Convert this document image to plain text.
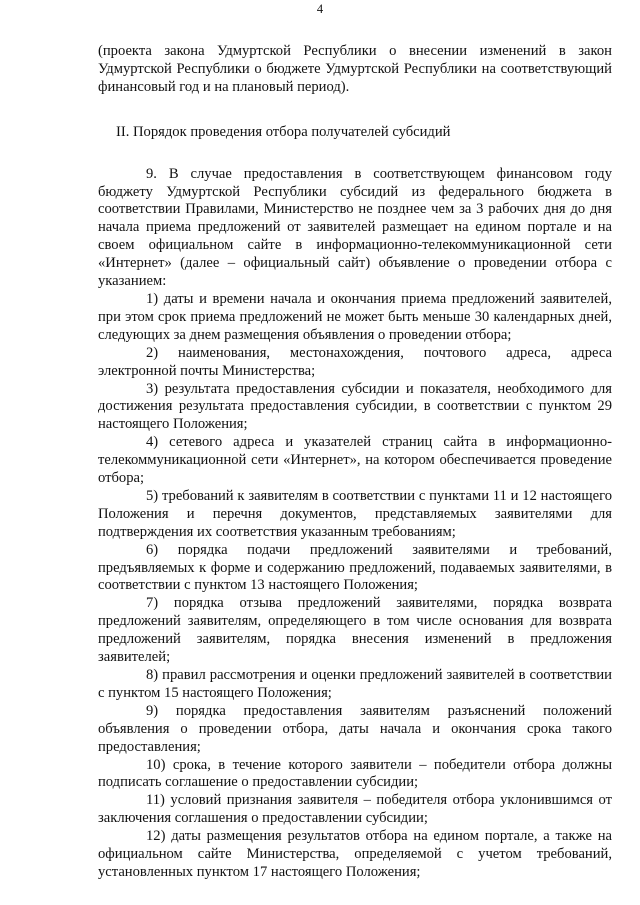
4

(проекта закона Удмуртской Республики о внесении изменений в закон Удмуртской Республики о бюджете Удмуртской Республики на соответствующий финансовый год и на плановый период).

II. Порядок проведения отбора получателей субсидий

9. В случае предоставления в соответствующем финансовом году бюджету Удмуртской Республики субсидий из федерального бюджета в соответствии Правилами, Министерство не позднее чем за 3 рабочих дня до дня начала приема предложений от заявителей размещает на едином портале и на своем официальном сайте в информационно-телекоммуникационной сети «Интернет» (далее – официальный сайт) объявление о проведении отбора с указанием:

1) даты и времени начала и окончания приема предложений заявителей, при этом срок приема предложений не может быть меньше 30 календарных дней, следующих за днем размещения объявления о проведении отбора;

2) наименования, местонахождения, почтового адреса, адреса электронной почты Министерства;

3) результата предоставления субсидии и показателя, необходимого для достижения результата предоставления субсидии, в соответствии с пунктом 29 настоящего Положения;

4) сетевого адреса и указателей страниц сайта в информационно-телекоммуникационной сети «Интернет», на котором обеспечивается проведение отбора;

5) требований к заявителям в соответствии с пунктами 11 и 12 настоящего Положения и перечня документов, представляемых заявителями для подтверждения их соответствия указанным требованиям;

6) порядка подачи предложений заявителями и требований, предъявляемых к форме и содержанию предложений, подаваемых заявителями, в соответствии с пунктом 13 настоящего Положения;

7) порядка отзыва предложений заявителями, порядка возврата предложений заявителям, определяющего в том числе основания для возврата предложений заявителям, порядка внесения изменений в предложения заявителей;

8) правил рассмотрения и оценки предложений заявителей в соответствии с пунктом 15 настоящего Положения;

9) порядка предоставления заявителям разъяснений положений объявления о проведении отбора, даты начала и окончания срока такого предоставления;

10) срока, в течение которого заявители – победители отбора должны подписать соглашение о предоставлении субсидии;

11) условий признания заявителя – победителя отбора уклонившимся от заключения соглашения о предоставлении субсидии;

12) даты размещения результатов отбора на едином портале, а также на официальном сайте Министерства, определяемой с учетом требований, установленных пунктом 17 настоящего Положения;
